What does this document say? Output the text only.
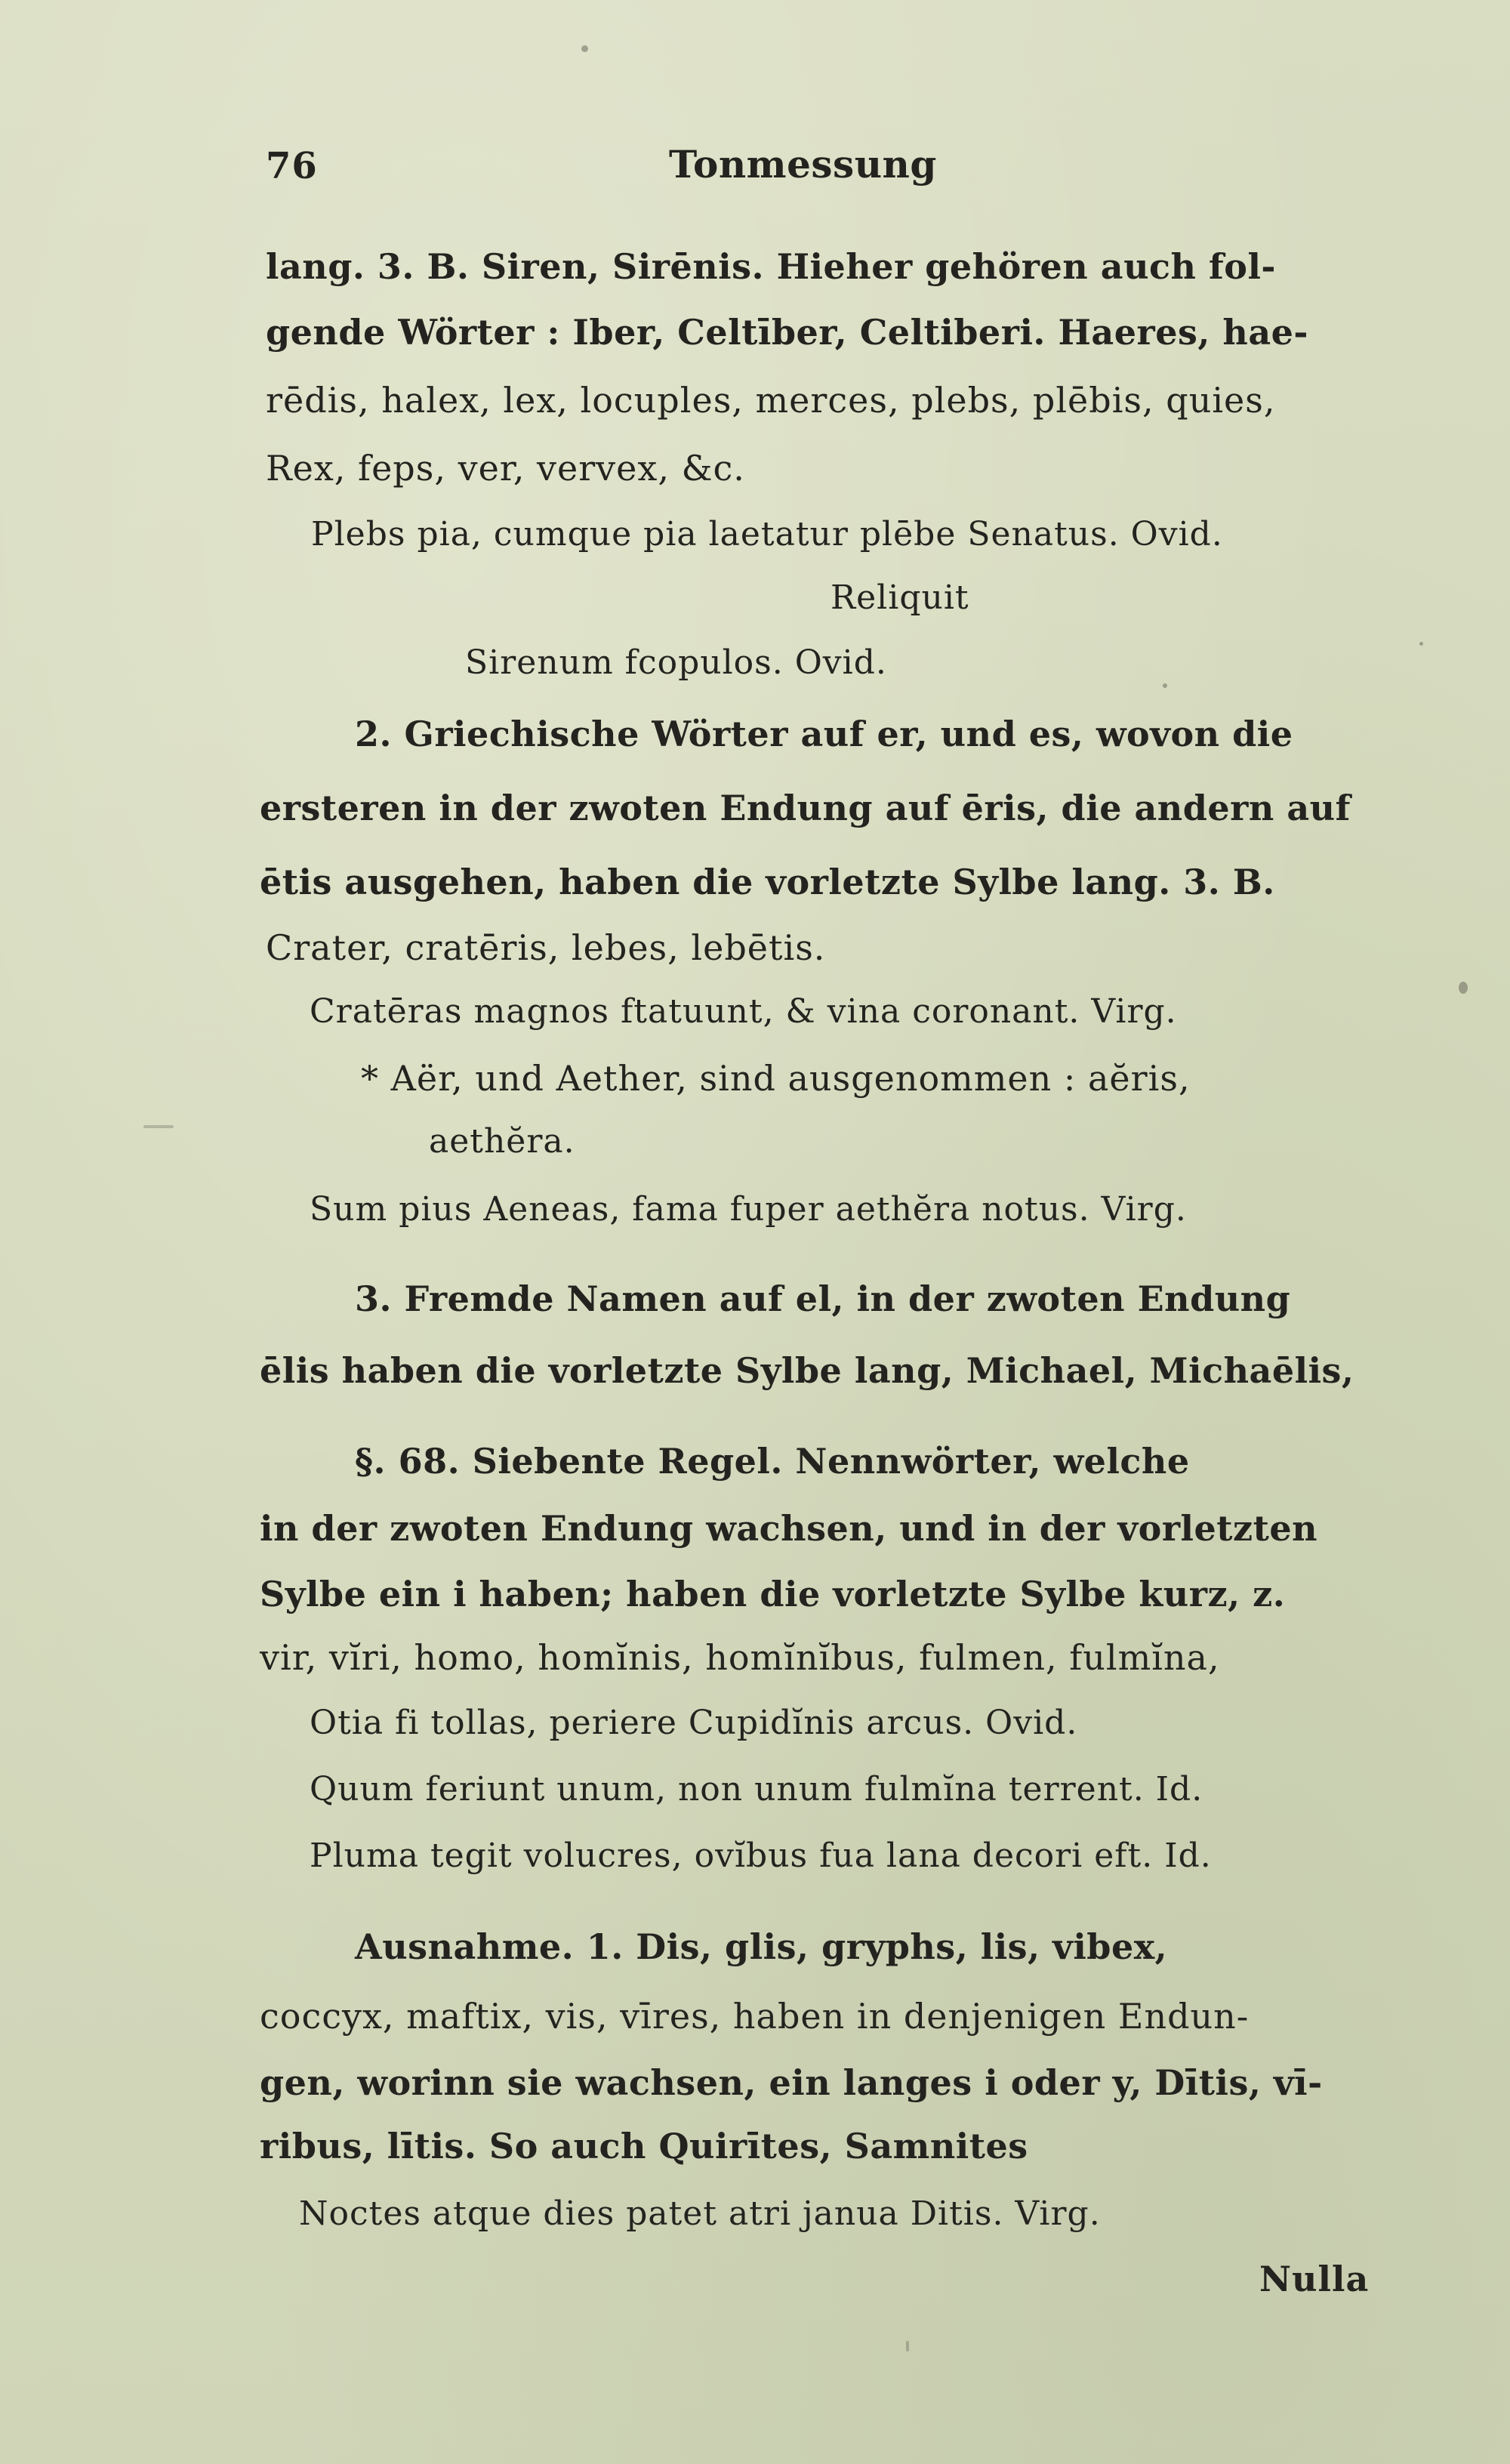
76	Tonmessung
lang. 3. B. Siren, Sirēnis. Hieher gehören auch fol-
gende Wörter : Iber, Celtīber, Celtiberi. Haeres, hae-
rēdis, halex, lex, locuples, merces, plebs, plēbis, quies,
Rex, feps, ver, vervex, &c.
Plebs pia, cumque pia laetatur plēbe Senatus. Ovid.
Reliquit
Sirenum fcopulos. Ovid.
2. Griechische Wörter auf er, und es, wovon die
ersteren in der zwoten Endung auf ēris, die andern auf
ētis ausgehen, haben die vorletzte Sylbe lang. 3. B.
Crater, cratēris, lebes, lebētis.
Cratēras magnos ftatuunt, & vina coronant. Virg.
* Aër, und Aether, sind ausgenommen : aĕris,
aethĕra.
Sum pius Aeneas, fama fuper aethĕra notus. Virg.
3. Fremde Namen auf el, in der zwoten Endung
ēlis haben die vorletzte Sylbe lang, Michael, Michaēlis,
§. 68. Siebente Regel. Nennwörter, welche
in der zwoten Endung wachsen, und in der vorletzten
Sylbe ein i haben; haben die vorletzte Sylbe kurz, z.
vir, vĭri, homo, homĭnis, homĭnĭbus, fulmen, fulmĭna,
Otia fi tollas, periere Cupidĭnis arcus. Ovid.
Quum feriunt unum, non unum fulmĭna terrent. Id.
Pluma tegit volucres, ovĭbus fua lana decori eft. Id.
Ausnahme. 1. Dis, glis, gryphs, lis, vibex,
coccyx, maftix, vis, vīres, haben in denjenigen Endun-
gen, worinn sie wachsen, ein langes i oder y, Dītis, vī-
ribus, lītis. So auch Quirītes, Samnites
Noctes atque dies patet atri janua Ditis. Virg.
Nulla
